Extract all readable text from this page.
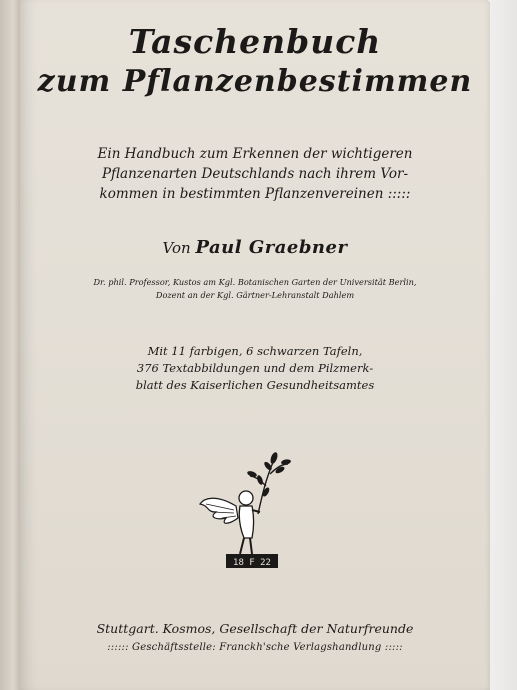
Taschenbuch
zum Pflanzenbestimmen
Ein Handbuch zum Erkennen der wichtigeren
Pflanzenarten Deutschlands nach ihrem Vor-
kommen in bestimmten Pflanzenvereinen :::::
Von Paul Graebner
Dr. phil. Professor, Kustos am Kgl. Botanischen Garten der Universität Berlin,
Dozent an der Kgl. Gärtner-Lehranstalt Dahlem
Mit 11 farbigen, 6 schwarzen Tafeln,
376 Textabbildungen und dem Pilzmerk-
blatt des Kaiserlichen Gesundheitsamtes
18 F 22
Stuttgart. Kosmos, Gesellschaft der Naturfreunde
:::::: Geschäftsstelle: Franckh'sche Verlagshandlung :::::
